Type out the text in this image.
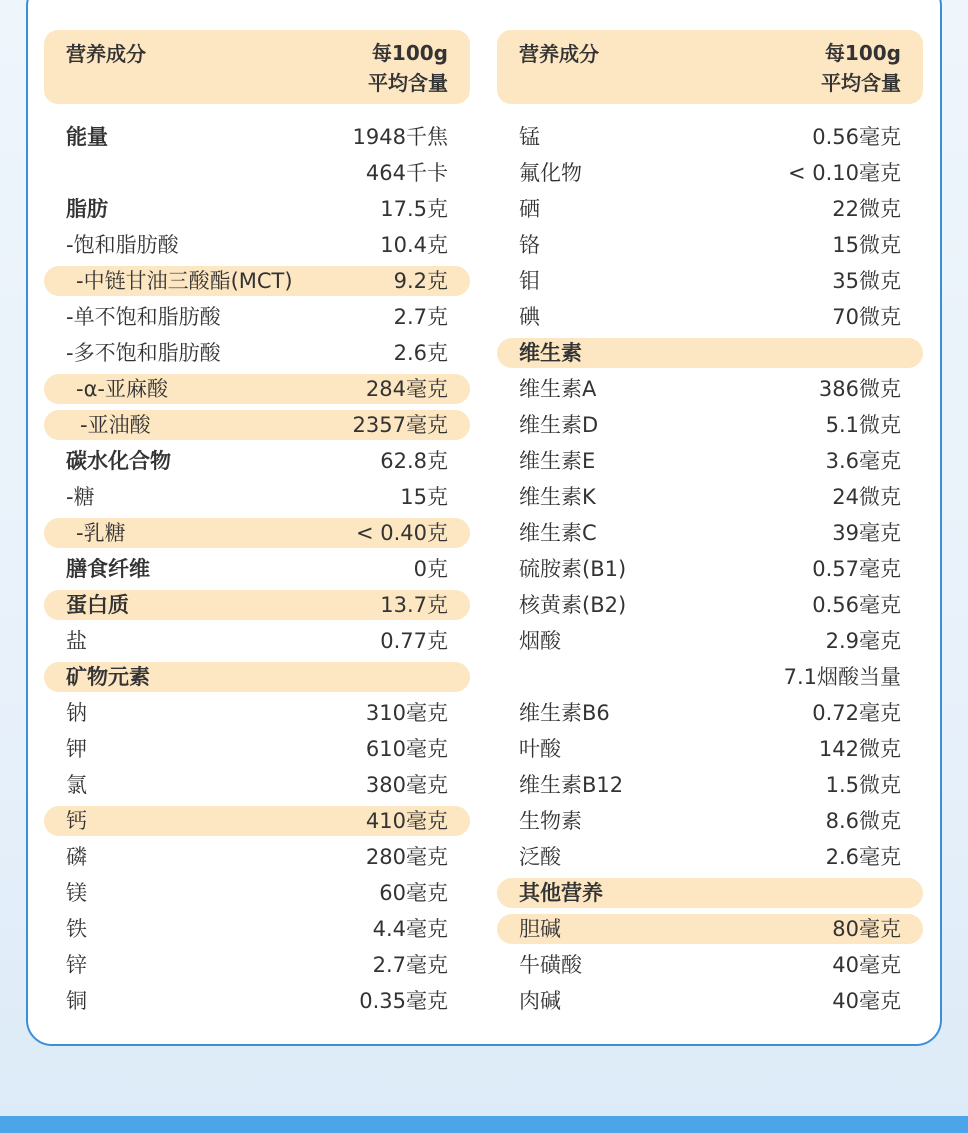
营养成分	每100g
平均含量
能量	1948千焦
464千卡
脂肪	17.5克
-饱和脂肪酸	10.4克
-中链甘油三酸酯(MCT)	9.2克
-单不饱和脂肪酸	2.7克
-多不饱和脂肪酸	2.6克
-α-亚麻酸	284毫克
-亚油酸	2357毫克
碳水化合物	62.8克
-糖	15克
-乳糖	< 0.40克
膳食纤维	0克
蛋白质	13.7克
盐	0.77克
矿物元素
钠	310毫克
钾	610毫克
氯	380毫克
钙	410毫克
磷	280毫克
镁	60毫克
铁	4.4毫克
锌	2.7毫克
铜	0.35毫克
营养成分	每100g
平均含量
锰	0.56毫克
氟化物	< 0.10毫克
硒	22微克
铬	15微克
钼	35微克
碘	70微克
维生素
维生素A	386微克
维生素D	5.1微克
维生素E	3.6毫克
维生素K	24微克
维生素C	39毫克
硫胺素(B1)	0.57毫克
核黄素(B2)	0.56毫克
烟酸	2.9毫克
7.1烟酸当量
维生素B6	0.72毫克
叶酸	142微克
维生素B12	1.5微克
生物素	8.6微克
泛酸	2.6毫克
其他营养
胆碱	80毫克
牛磺酸	40毫克
肉碱	40毫克
